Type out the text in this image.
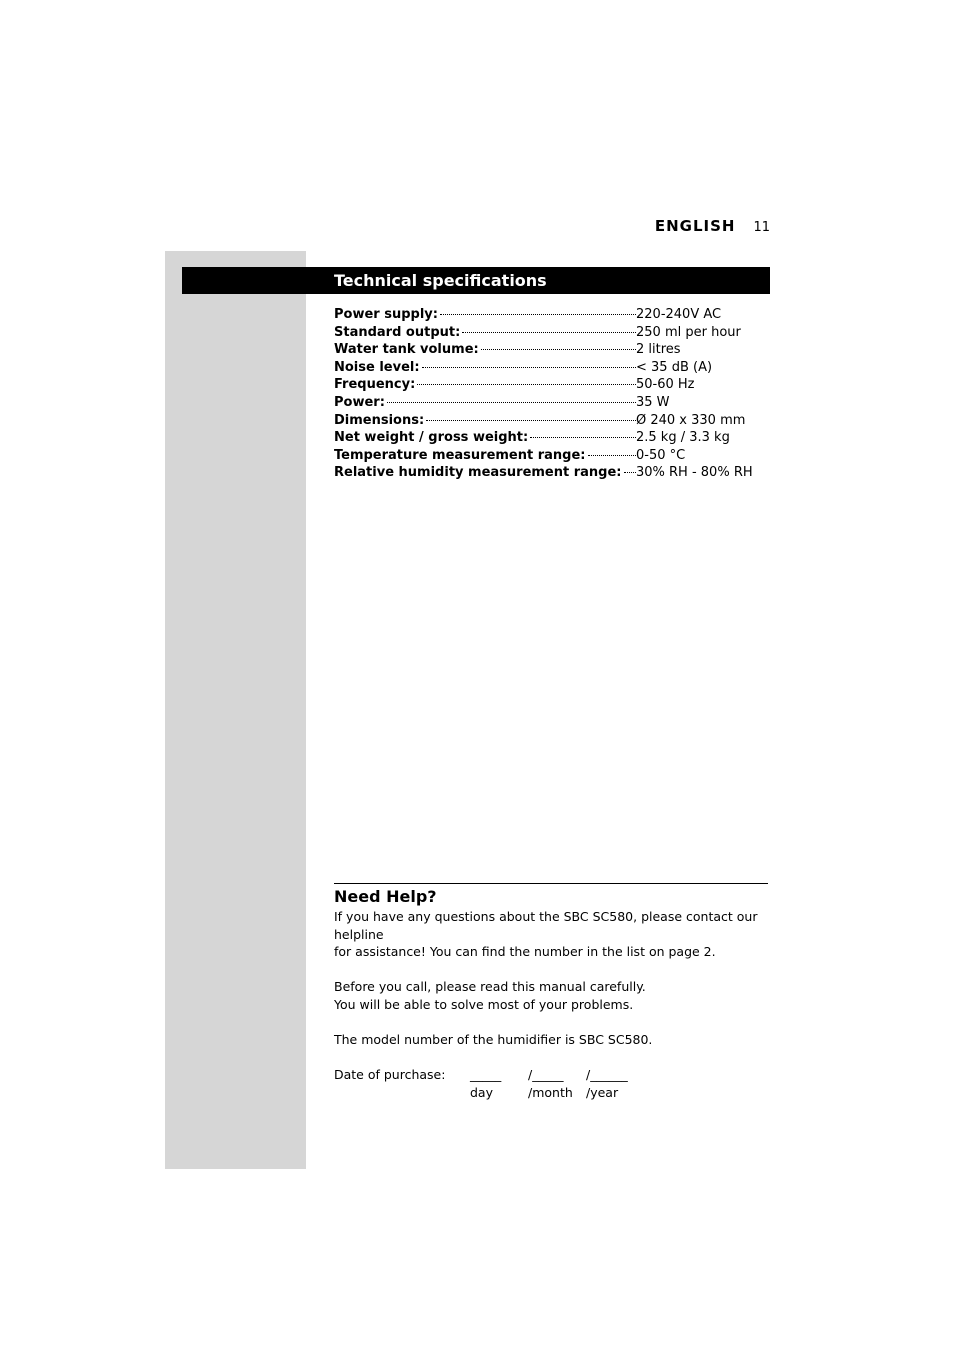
ENGLISH 11
Technical specifications
Power supply:	220-240V AC
Standard output:	250 ml per hour
Water tank volume:	2 litres
Noise level:	< 35 dB (A)
Frequency:	50-60 Hz
Power:	35 W
Dimensions:	Ø 240 x 330 mm
Net weight / gross weight:	2.5 kg / 3.3 kg
Temperature measurement range:	0-50 °C
Relative humidity measurement range: 30% RH - 80% RH
Need Help?

If you have any questions about the SBC SC580, please contact our helpline

for assistance! You can find the number in the list on page 2.

Before you call, please read this manual carefully.

You will be able to solve most of your problems.

The model number of the humidifier is SBC SC580.

Date of purchase: _____ /_____ /______
day	/month /year
